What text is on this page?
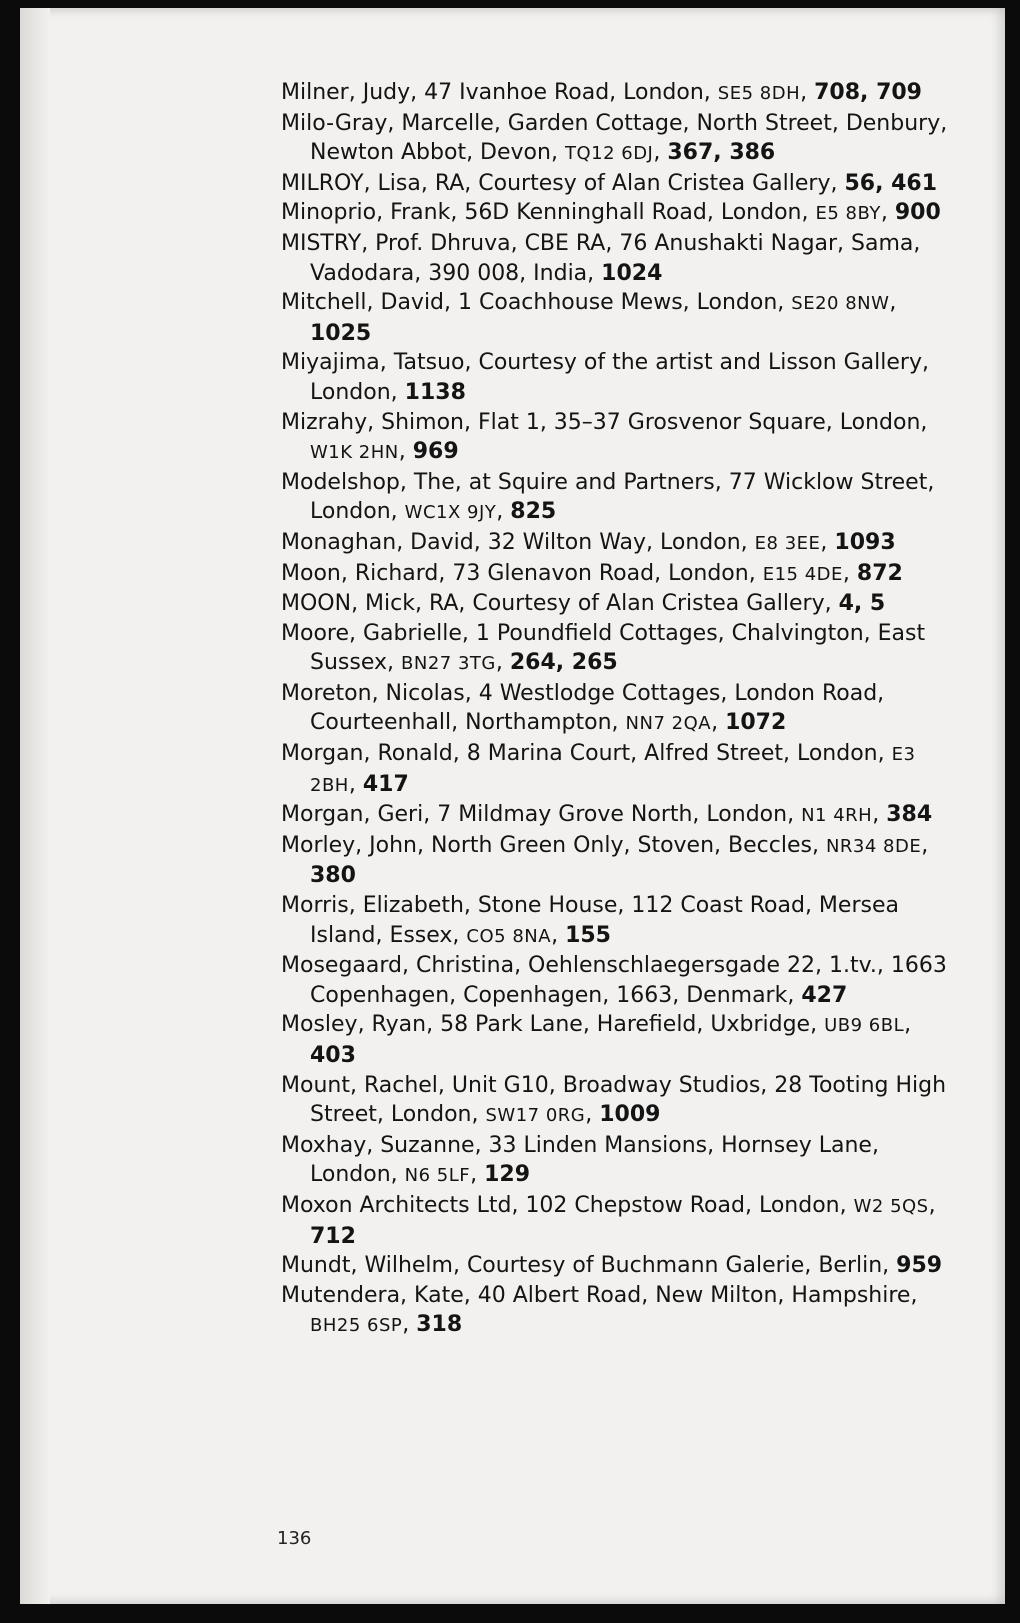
Milner, Judy, 47 Ivanhoe Road, London, SE5 8DH, 708, 709

Milo-Gray, Marcelle, Garden Cottage, North Street, Denbury, Newton Abbot, Devon, TQ12 6DJ, 367, 386

MILROY, Lisa, RA, Courtesy of Alan Cristea Gallery, 56, 461

Minoprio, Frank, 56D Kenninghall Road, London, E5 8BY, 900

MISTRY, Prof. Dhruva, CBE RA, 76 Anushakti Nagar, Sama, Vadodara, 390 008, India, 1024

Mitchell, David, 1 Coachhouse Mews, London, SE20 8NW, 1025

Miyajima, Tatsuo, Courtesy of the artist and Lisson Gallery, London, 1138

Mizrahy, Shimon, Flat 1, 35–37 Grosvenor Square, London, W1K 2HN, 969

Modelshop, The, at Squire and Partners, 77 Wicklow Street, London, WC1X 9JY, 825

Monaghan, David, 32 Wilton Way, London, E8 3EE, 1093

Moon, Richard, 73 Glenavon Road, London, E15 4DE, 872

MOON, Mick, RA, Courtesy of Alan Cristea Gallery, 4, 5

Moore, Gabrielle, 1 Poundfield Cottages, Chalvington, East Sussex, BN27 3TG, 264, 265

Moreton, Nicolas, 4 Westlodge Cottages, London Road, Courteenhall, Northampton, NN7 2QA, 1072

Morgan, Ronald, 8 Marina Court, Alfred Street, London, E3 2BH, 417

Morgan, Geri, 7 Mildmay Grove North, London, N1 4RH, 384

Morley, John, North Green Only, Stoven, Beccles, NR34 8DE, 380

Morris, Elizabeth, Stone House, 112 Coast Road, Mersea Island, Essex, CO5 8NA, 155

Mosegaard, Christina, Oehlenschlaegersgade 22, 1.tv., 1663 Copenhagen, Copenhagen, 1663, Denmark, 427

Mosley, Ryan, 58 Park Lane, Harefield, Uxbridge, UB9 6BL, 403

Mount, Rachel, Unit G10, Broadway Studios, 28 Tooting High Street, London, SW17 0RG, 1009

Moxhay, Suzanne, 33 Linden Mansions, Hornsey Lane, London, N6 5LF, 129

Moxon Architects Ltd, 102 Chepstow Road, London, W2 5QS, 712

Mundt, Wilhelm, Courtesy of Buchmann Galerie, Berlin, 959

Mutendera, Kate, 40 Albert Road, New Milton, Hampshire, BH25 6SP, 318

136
